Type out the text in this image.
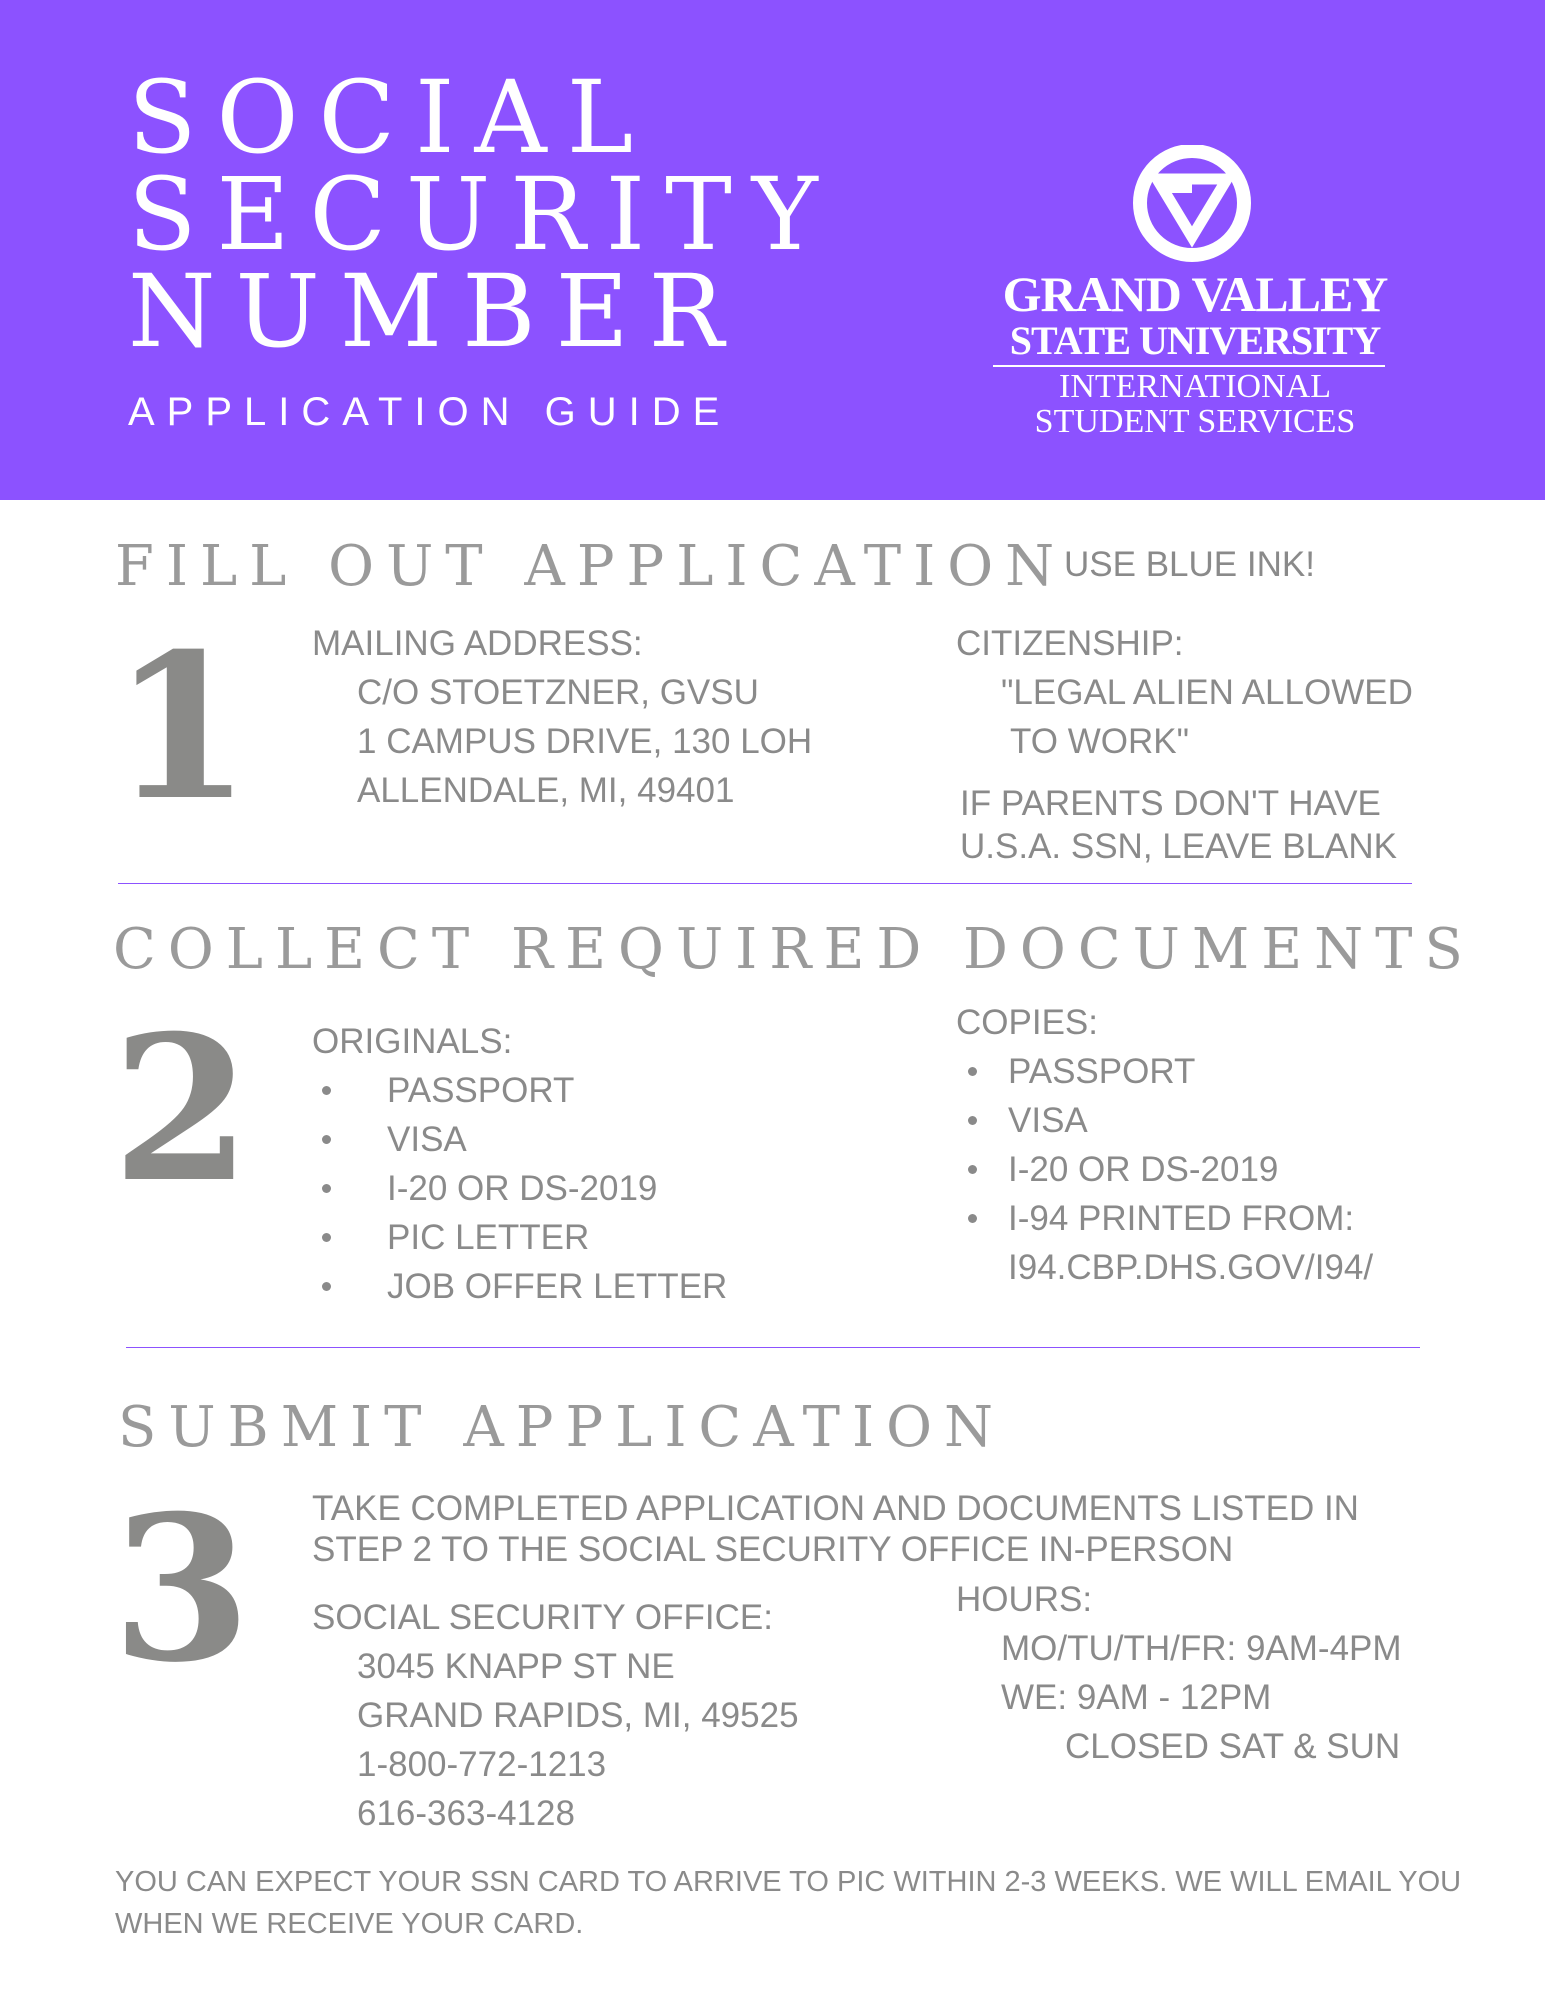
SOCIAL
SECURITY
NUMBER
APPLICATION GUIDE
GRAND VALLEY
STATE UNIVERSITY
INTERNATIONAL
STUDENT SERVICES
FILL OUT APPLICATION
USE BLUE INK!
1 MAILING ADDRESS:
C/O STOETZNER, GVSU
1 CAMPUS DRIVE, 130 LOH
ALLENDALE, MI, 49401
CITIZENSHIP:
"LEGAL ALIEN ALLOWED
TO WORK"
IF PARENTS DON'T HAVE
U.S.A. SSN, LEAVE BLANK
COLLECT REQUIRED DOCUMENTS
2 ORIGINALS:
PASSPORT
VISA
I-20 OR DS-2019
PIC LETTER
JOB OFFER LETTER
COPIES:
PASSPORT
VISA
I-20 OR DS-2019
I-94 PRINTED FROM:
I94.CBP.DHS.GOV/I94/
SUBMIT APPLICATION
3 TAKE COMPLETED APPLICATION AND DOCUMENTS LISTED IN
STEP 2 TO THE SOCIAL SECURITY OFFICE IN-PERSON
SOCIAL SECURITY OFFICE:
3045 KNAPP ST NE
GRAND RAPIDS, MI, 49525
1-800-772-1213
616-363-4128
HOURS:
MO/TU/TH/FR: 9AM-4PM
WE: 9AM - 12PM
CLOSED SAT & SUN
YOU CAN EXPECT YOUR SSN CARD TO ARRIVE TO PIC WITHIN 2-3 WEEKS. WE WILL EMAIL YOU
WHEN WE RECEIVE YOUR CARD.
